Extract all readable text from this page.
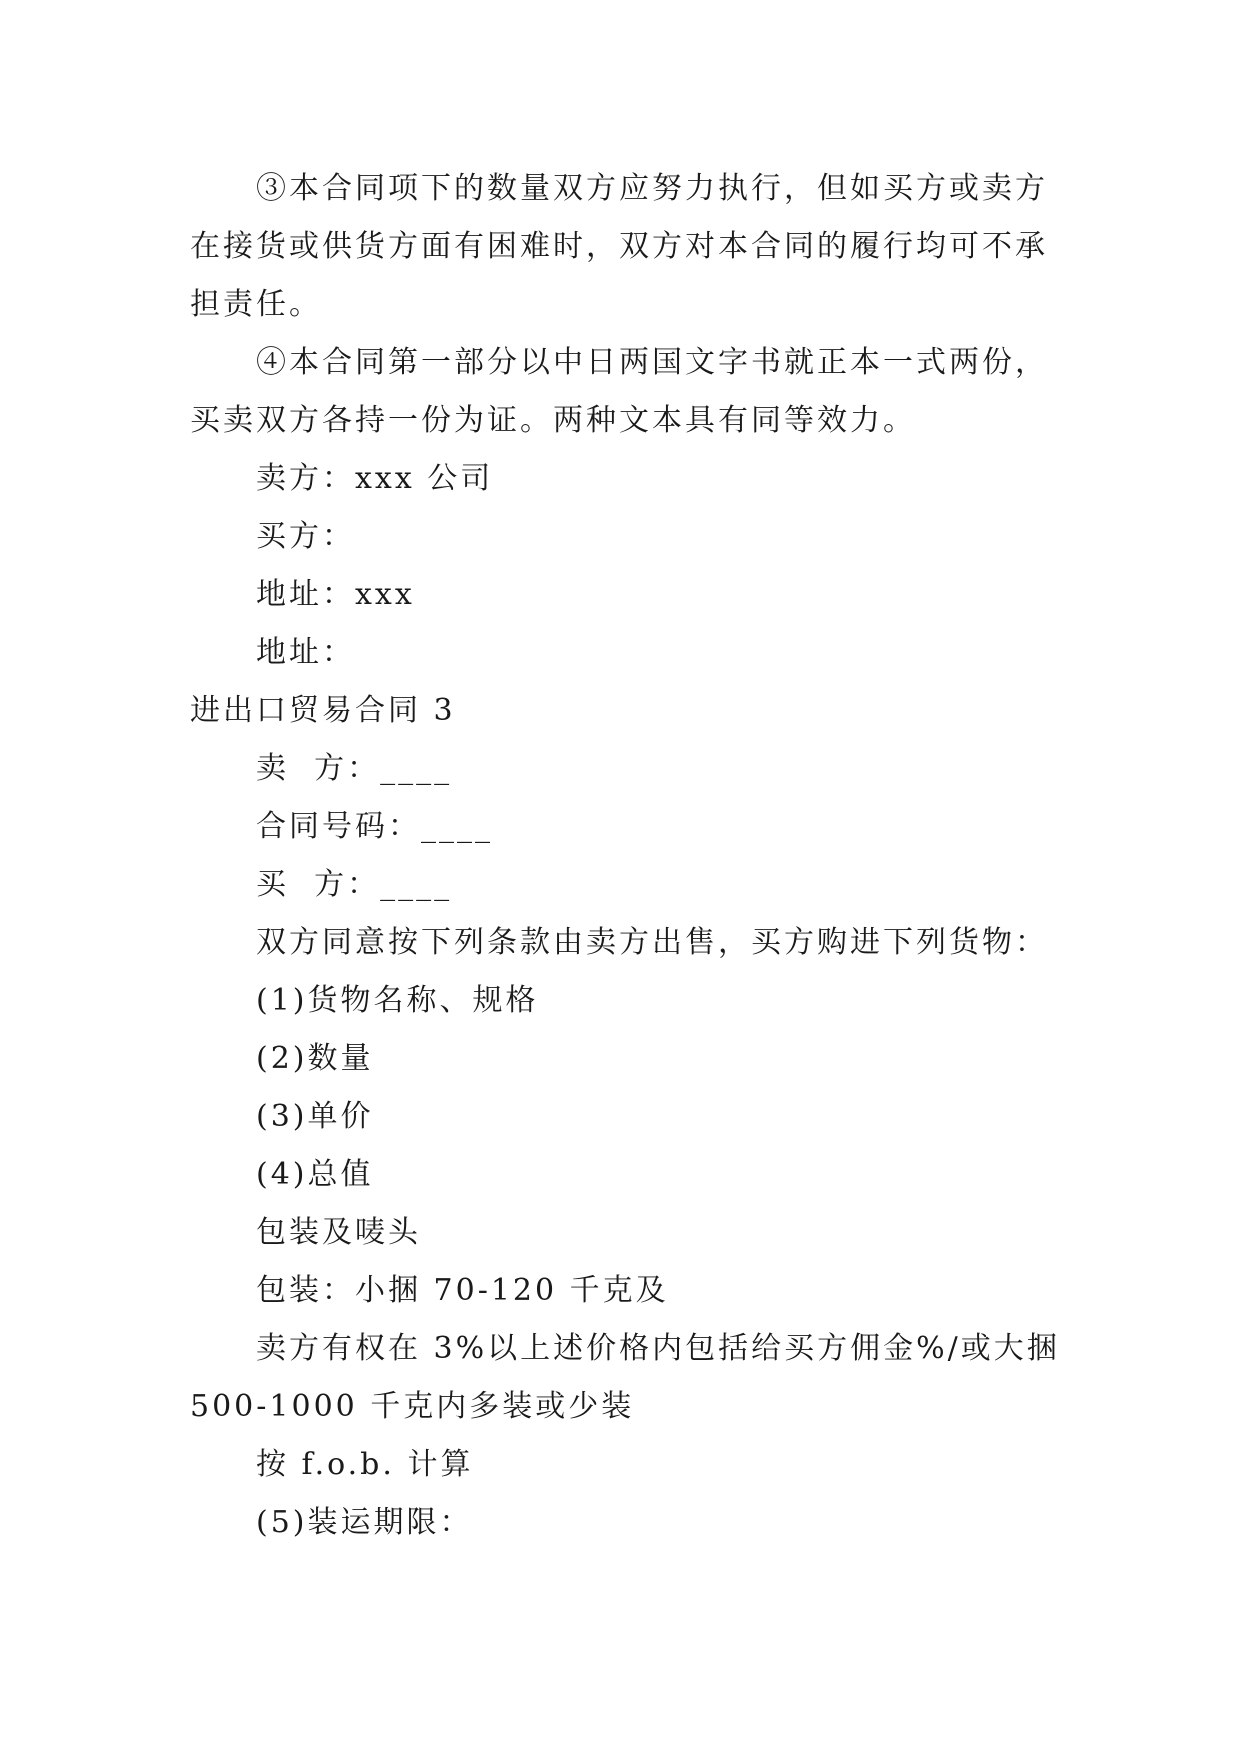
③本合同项下的数量双方应努力执行，但如买方或卖方在接货或供货方面有困难时，双方对本合同的履行均可不承担责任。

④本合同第一部分以中日两国文字书就正本一式两份，买卖双方各持一份为证。两种文本具有同等效力。

卖方：xxx 公司

买方：

地址：xxx

地址：

进出口贸易合同 3

卖  方：____

合同号码：____

买  方：____

双方同意按下列条款由卖方出售，买方购进下列货物：

(1)货物名称、规格

(2)数量

(3)单价

(4)总值

包装及唛头

包装：小捆 70-120 千克及

卖方有权在 3%以上述价格内包括给买方佣金%/或大捆 500-1000 千克内多装或少装

按 f.o.b. 计算

(5)装运期限：
